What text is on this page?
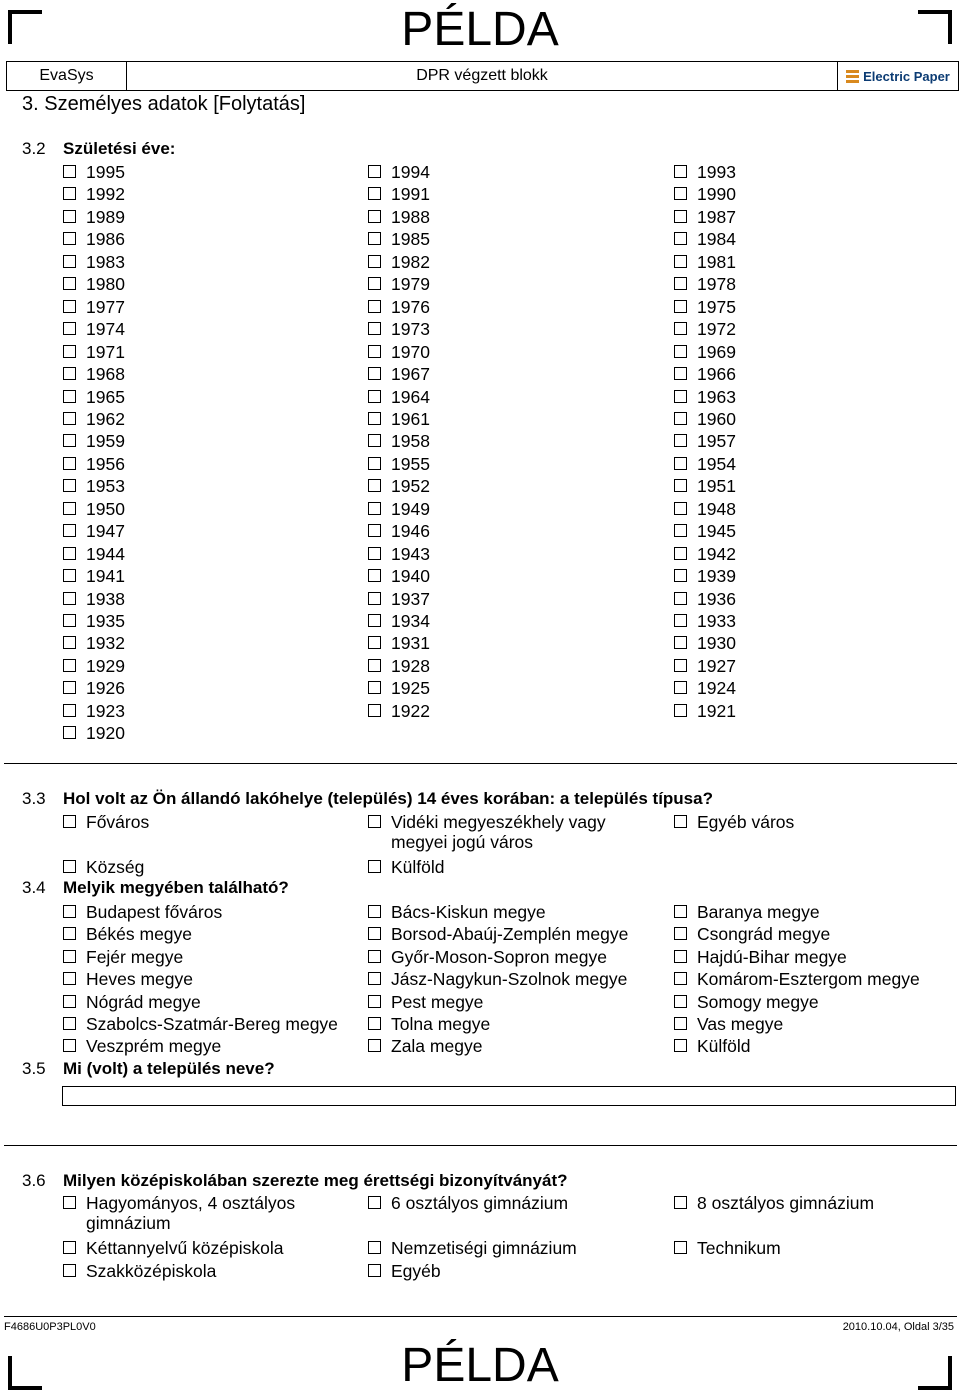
PÉLDA
EvaSys	DPR végzett blokk	Electric Paper
3. Személyes adatok [Folytatás]
3.2 Születési éve:
1995
1992
1989
1986
1983
1980
1977
1974
1971
1968
1965
1962
1959
1956
1953
1950
1947
1944
1941
1938
1935
1932
1929
1926
1923
1920
1994
1991
1988
1985
1982
1979
1976
1973
1970
1967
1964
1961
1958
1955
1952
1949
1946
1943
1940
1937
1934
1931
1928
1925
1922
1993
1990
1987
1984
1981
1978
1975
1972
1969
1966
1963
1960
1957
1954
1951
1948
1945
1942
1939
1936
1933
1930
1927
1924
1921
3.3 Hol volt az Ön állandó lakóhelye (település) 14 éves korában: a település típusa?
Főváros	Vidéki megyeszékhely vagy
megyei jogú város
Egyéb város
Község	Külföld
3.4 Melyik megyében található?
Budapest főváros	Bács-Kiskun megye	Baranya megye
Békés megye	Borsod-Abaúj-Zemplén megye	Csongrád megye
Fejér megye	Győr-Moson-Sopron megye	Hajdú-Bihar megye
Heves megye	Jász-Nagykun-Szolnok megye	Komárom-Esztergom megye
Nógrád megye	Pest megye	Somogy megye
Szabolcs-Szatmár-Bereg megye	Tolna megye	Vas megye
Veszprém megye	Zala megye	Külföld
3.5 Mi (volt) a település neve?
3.6 Milyen középiskolában szerezte meg érettségi bizonyítványát?
Hagyományos, 4 osztályos
gimnázium
6 osztályos gimnázium	8 osztályos gimnázium
Kéttannyelvű középiskola	Nemzetiségi gimnázium	Technikum
Szakközépiskola	Egyéb
F4686U0P3PL0V0	2010.10.04, Oldal 3/35
PÉLDA
